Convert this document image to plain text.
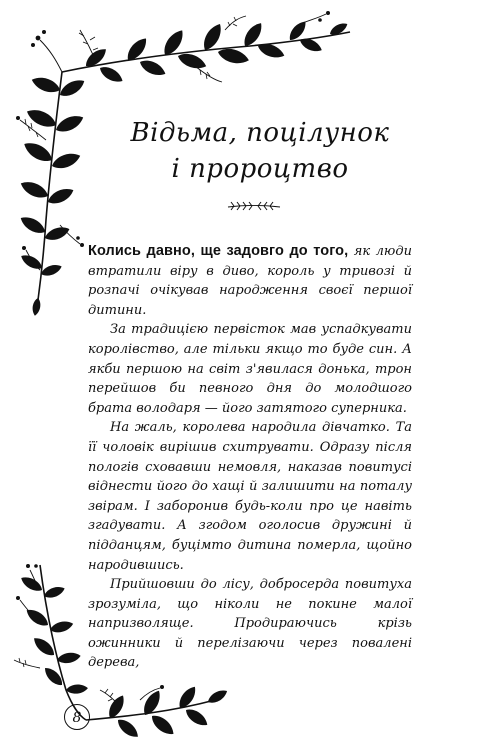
Відьма, поцілунок
і пророцтво

Колись давно, ще задовго до того, як люди втратили віру в диво, король у тривозі й розпачі очікував народження своєї першої дитини.

За традицією первісток мав успадкувати королівство, але тільки якщо то буде син. А якби першою на світ з'явилася донька, трон перейшов би певного дня до молодшого брата володаря — його затятого суперника.

На жаль, королева народила дівчатко. Та її чоловік вирішив схитрувати. Одразу після пологів сховавши немовля, наказав повитусі віднести його до хащі й залишити на поталу звірам. І заборонив будь-коли про це навіть згадувати. А згодом оголосив дружині й підданцям, буцімто дитина померла, щойно народившись.

Прийшовши до лісу, добросерда повитуха зрозуміла, що ніколи не покине малої напризволяще. Продираючись крізь ожинники й перелізаючи через повалені дерева,

8
